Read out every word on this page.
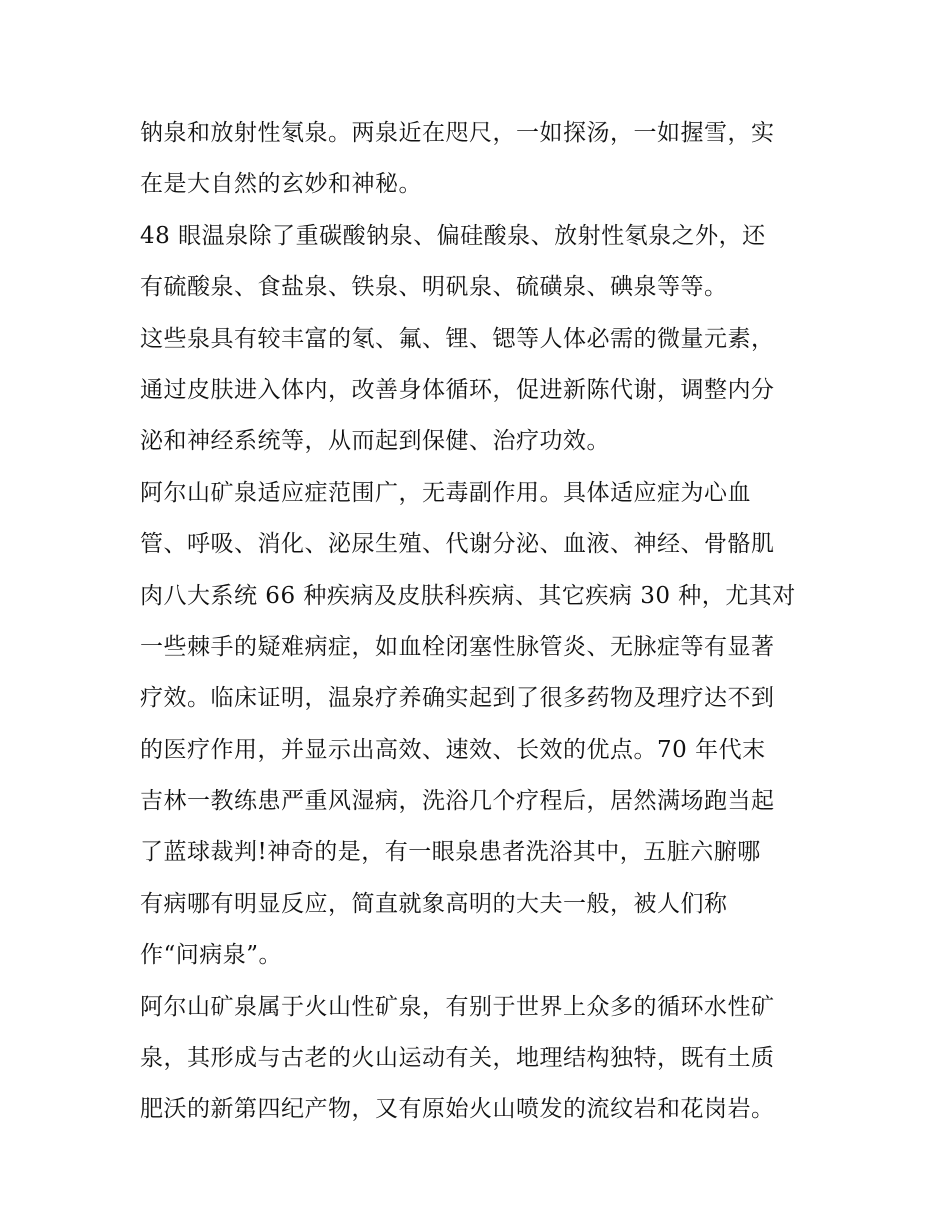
钠泉和放射性氡泉。两泉近在咫尺，一如探汤，一如握雪，实
在是大自然的玄妙和神秘。
48 眼温泉除了重碳酸钠泉、偏硅酸泉、放射性氡泉之外，还
有硫酸泉、食盐泉、铁泉、明矾泉、硫磺泉、碘泉等等。
这些泉具有较丰富的氡、氟、锂、锶等人体必需的微量元素，
通过皮肤进入体内，改善身体循环，促进新陈代谢，调整内分
泌和神经系统等，从而起到保健、治疗功效。
阿尔山矿泉适应症范围广，无毒副作用。具体适应症为心血
管、呼吸、消化、泌尿生殖、代谢分泌、血液、神经、骨骼肌
肉八大系统 66 种疾病及皮肤科疾病、其它疾病 30 种，尤其对
一些棘手的疑难病症，如血栓闭塞性脉管炎、无脉症等有显著
疗效。临床证明，温泉疗养确实起到了很多药物及理疗达不到
的医疗作用，并显示出高效、速效、长效的优点。70 年代末
吉林一教练患严重风湿病，洗浴几个疗程后，居然满场跑当起
了蓝球裁判!神奇的是，有一眼泉患者洗浴其中，五脏六腑哪
有病哪有明显反应，简直就象高明的大夫一般，被人们称
作“问病泉”。
阿尔山矿泉属于火山性矿泉，有别于世界上众多的循环水性矿
泉，其形成与古老的火山运动有关，地理结构独特，既有土质
肥沃的新第四纪产物，又有原始火山喷发的流纹岩和花岗岩。
